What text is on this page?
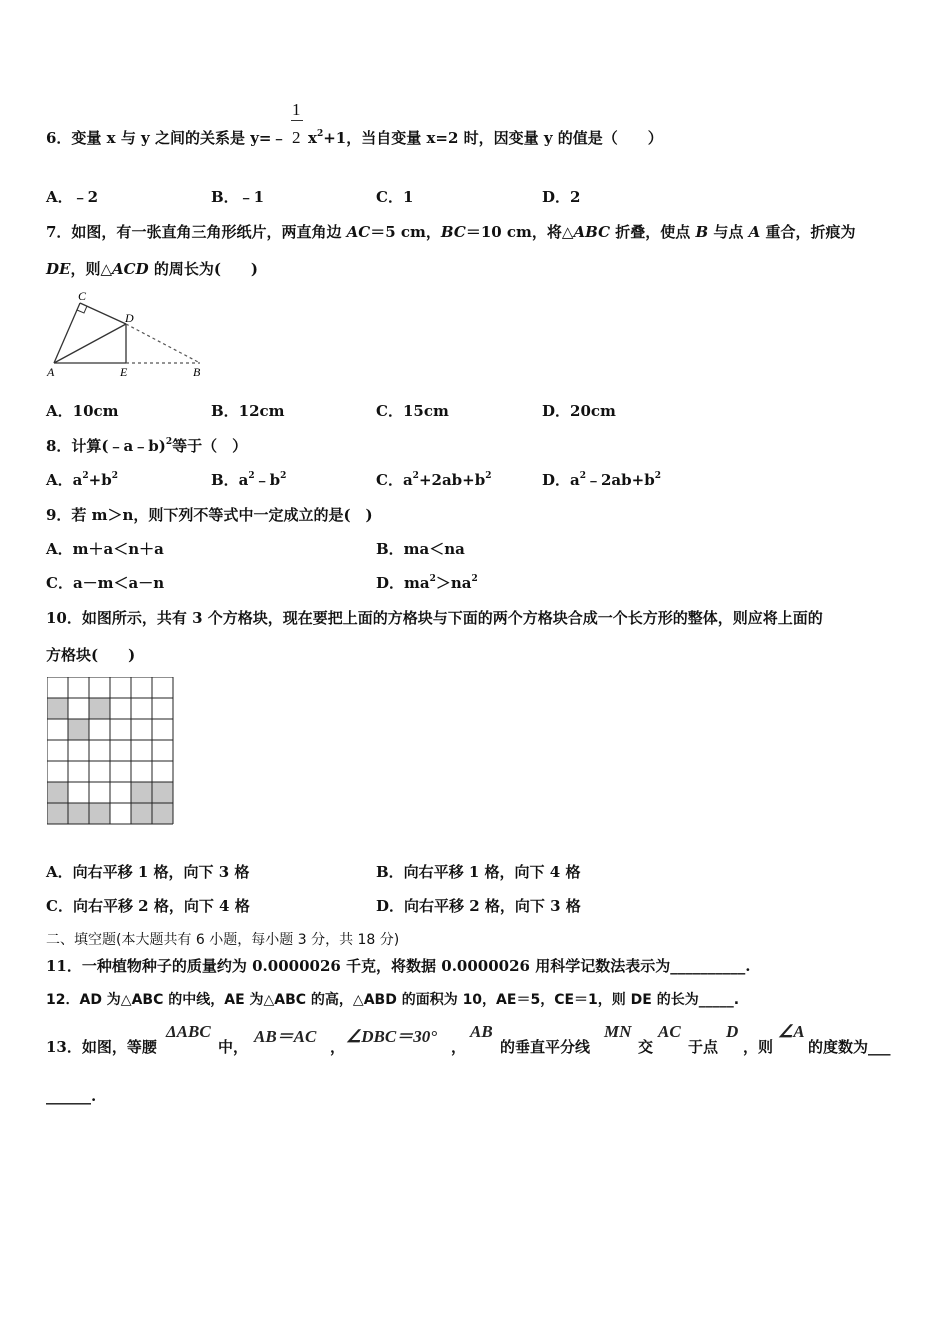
6．变量 x 与 y 之间的关系是 y=﹣
1
2 $x^2+1$，当自变量 x=2 时，因变量 y 的值是（　　）
A．﹣2	B．﹣1	C．1	D．2
7．如图，有一张直角三角形纸片，两直角边 AC＝5 cm，BC＝10 cm，将△ABC 折叠，使点 B 与点 A 重合，折痕为
DE，则△ACD 的周长为(　　)
C
D
A	E	B
A．10cm	B．12cm	C．15cm	D．20cm
8．计算(﹣a﹣b)$^2$等于（　）
A．$a^2+b^2$	B．$a^2﹣b^2$	C．$a^2+2ab+b^2$	D．$a^2﹣2ab+b^2$
9．若 m＞n，则下列不等式中一定成立的是(　)
A．m＋a＜n＋a	B．ma＜na
C．a－m＜a－n	D．$ma^2>na^2$
10．如图所示，共有 3 个方格块，现在要把上面的方格块与下面的两个方格块合成一个长方形的整体，则应将上面的
方格块(　　)
A．向右平移 1 格，向下 3 格	B．向右平移 1 格，向下 4 格
C．向右平移 2 格，向下 4 格	D．向右平移 2 格，向下 3 格
二、填空题(本大题共有 6 小题，每小题 3 分，共 18 分)
11．一种植物种子的质量约为 0.0000026 千克，将数据 0.0000026 用科学记数法表示为__________.
12．AD 为△ABC 的中线，AE 为△ABC 的高，△ABD 的面积为 10，AE＝5，CE＝1，则 DE 的长为_____.
13．如图，等腰
ΔABC
中，
AB＝AC
，
∠DBC＝30°
，
AB
的垂直平分线
MN
交
AC
于点
D
，则
∠A
的度数为___
______.
